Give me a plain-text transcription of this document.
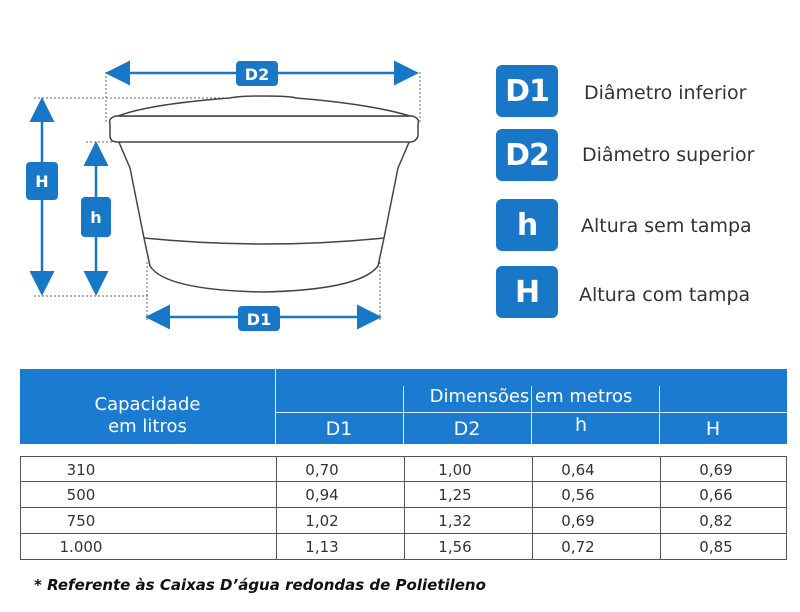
D2
D1
H
h
D1	Diâmetro inferior
D2	Diâmetro superior
h	Altura sem tampa
H	Altura com tampa
Capacidade
em litros
Dimensões em metros
D1	D2	h	H
310	0,70	1,00	0,64	0,69
500	0,94	1,25	0,56	0,66
750	1,02	1,32	0,69	0,82
1.000	1,13	1,56	0,72	0,85
* Referente às Caixas D’água redondas de Polietileno
